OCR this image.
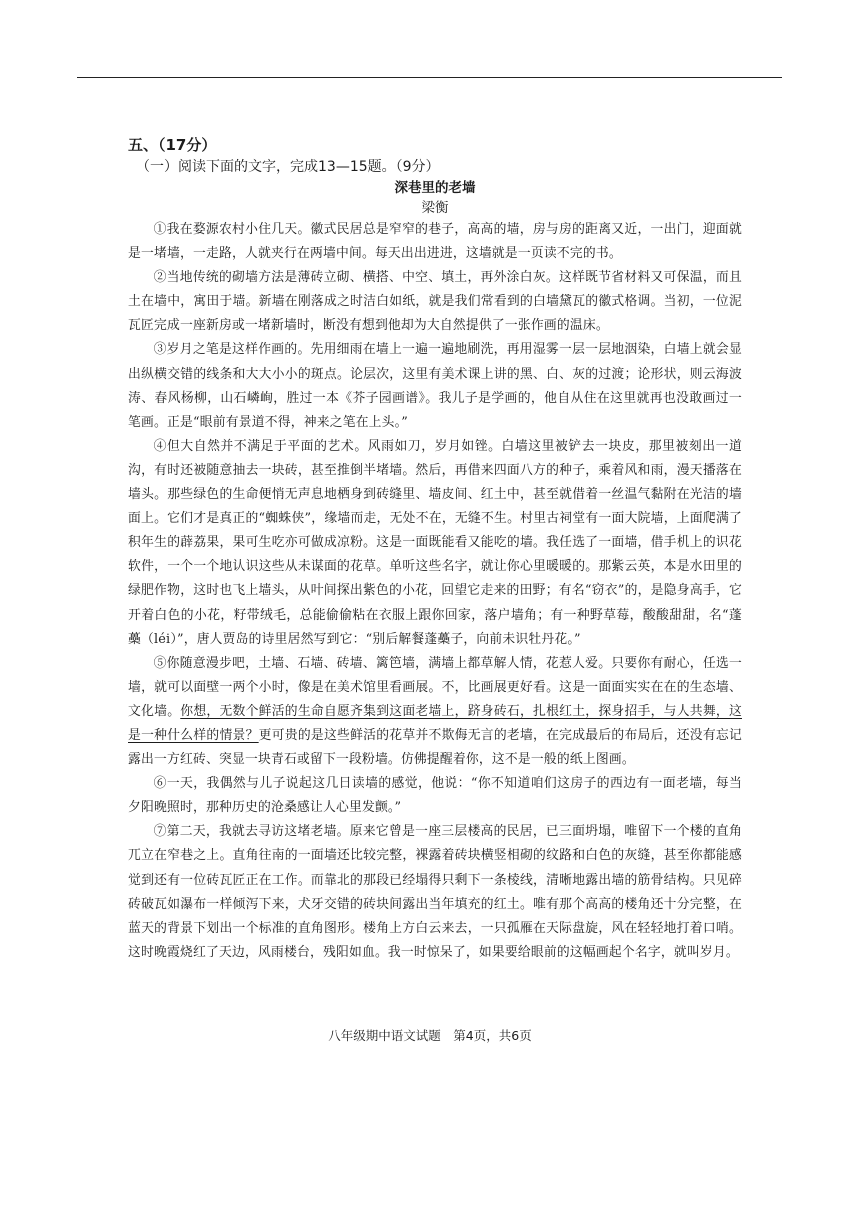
五、（17分）

（一）阅读下面的文字，完成13—15题。（9分）

深巷里的老墙

梁衡

①我在婺源农村小住几天。徽式民居总是窄窄的巷子，高高的墙，房与房的距离又近，一出门，迎面就是一堵墙，一走路，人就夹行在两墙中间。每天出出进进，这墙就是一页读不完的书。

②当地传统的砌墙方法是薄砖立砌、横搭、中空、填土，再外涂白灰。这样既节省材料又可保温，而且土在墙中，寓田于墙。新墙在刚落成之时洁白如纸，就是我们常看到的白墙黛瓦的徽式格调。当初，一位泥瓦匠完成一座新房或一堵新墙时，断没有想到他却为大自然提供了一张作画的温床。

③岁月之笔是这样作画的。先用细雨在墙上一遍一遍地刷洗，再用湿雾一层一层地洇染，白墙上就会显出纵横交错的线条和大大小小的斑点。论层次，这里有美术课上讲的黑、白、灰的过渡；论形状，则云海波涛、春风杨柳，山石嶙峋，胜过一本《芥子园画谱》。我儿子是学画的，他自从住在这里就再也没敢画过一笔画。正是“眼前有景道不得，神来之笔在上头。”

④但大自然并不满足于平面的艺术。风雨如刀，岁月如锉。白墙这里被铲去一块皮，那里被刻出一道沟，有时还被随意抽去一块砖，甚至推倒半堵墙。然后，再借来四面八方的种子，乘着风和雨，漫天播落在墙头。那些绿色的生命便悄无声息地栖身到砖缝里、墙皮间、红土中，甚至就借着一丝温气黏附在光洁的墙面上。它们才是真正的“蜘蛛侠”，缘墙而走，无处不在，无缝不生。村里古祠堂有一面大院墙，上面爬满了积年生的薜荔果，果可生吃亦可做成凉粉。这是一面既能看又能吃的墙。我任选了一面墙，借手机上的识花软件，一个一个地认识这些从未谋面的花草。单听这些名字，就让你心里暖暖的。那紫云英，本是水田里的绿肥作物，这时也飞上墙头，从叶间探出紫色的小花，回望它走来的田野；有名“窃衣”的，是隐身高手，它开着白色的小花，籽带绒毛，总能偷偷粘在衣服上跟你回家，落户墙角；有一种野草莓，酸酸甜甜，名“蓬蘽（léi）”，唐人贾岛的诗里居然写到它：“别后解餐蓬蘽子，向前未识牡丹花。”

⑤你随意漫步吧，土墙、石墙、砖墙、篱笆墙，满墙上都草解人情，花惹人爱。只要你有耐心，任选一墙，就可以面壁一两个小时，像是在美术馆里看画展。不，比画展更好看。这是一面面实实在在的生态墙、文化墙。你想，无数个鲜活的生命自愿齐集到这面老墙上，跻身砖石，扎根红土，探身招手，与人共舞，这是一种什么样的情景？更可贵的是这些鲜活的花草并不欺侮无言的老墙，在完成最后的布局后，还没有忘记露出一方红砖、突显一块青石或留下一段粉墙。仿佛提醒着你，这不是一般的纸上图画。

⑥一天，我偶然与儿子说起这几日读墙的感觉，他说：“你不知道咱们这房子的西边有一面老墙，每当夕阳晚照时，那种历史的沧桑感让人心里发颤。”

⑦第二天，我就去寻访这堵老墙。原来它曾是一座三层楼高的民居，已三面坍塌，唯留下一个楼的直角兀立在窄巷之上。直角往南的一面墙还比较完整，裸露着砖块横竖相砌的纹路和白色的灰缝，甚至你都能感觉到还有一位砖瓦匠正在工作。而靠北的那段已经塌得只剩下一条棱线，清晰地露出墙的筋骨结构。只见碎砖破瓦如瀑布一样倾泻下来，犬牙交错的砖块间露出当年填充的红土。唯有那个高高的楼角还十分完整，在蓝天的背景下划出一个标准的直角图形。楼角上方白云来去，一只孤雁在天际盘旋，风在轻轻地打着口哨。这时晚霞烧红了天边，风雨楼台，残阳如血。我一时惊呆了，如果要给眼前的这幅画起个名字，就叫岁月。

八年级期中语文试题　第4页，共6页
